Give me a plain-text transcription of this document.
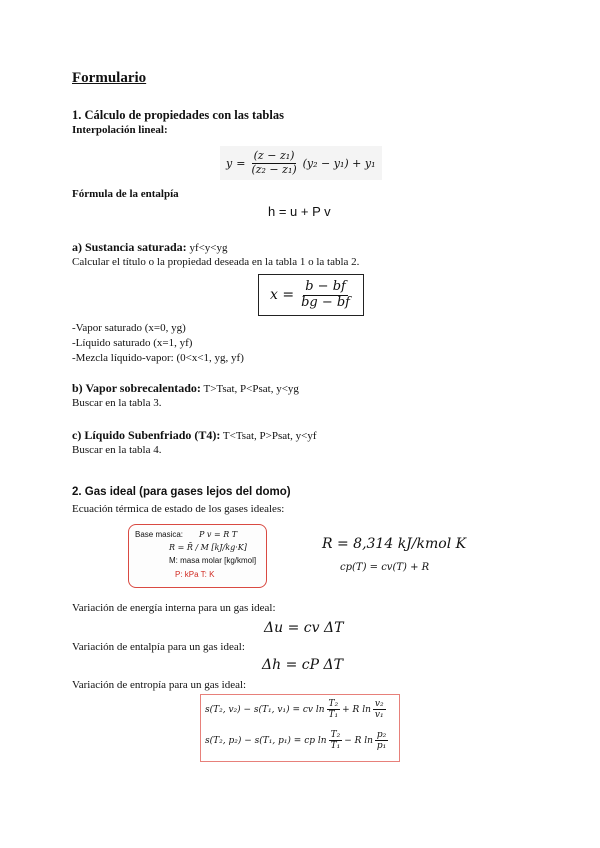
Formulario
1. Cálculo de propiedades con las tablas
Interpolación lineal:
$y = \frac{\text{(z − z₁)}}{\text{(z₂ − z₁)}} (y_2 - y_1) + y_1$
Fórmula de la entalpía
h = u + P v
a) Sustancia saturada: yf<y<yg
Calcular el título o la propiedad deseada en la tabla 1 o la tabla 2.
$x = \frac{b - bf}{bg - bf}$
-Vapor saturado (x=0, yg)
-Líquido saturado (x=1, yf)
-Mezcla líquido-vapor: (0<x<1, yg, yf)
b) Vapor sobrecalentado: T>Tsat, P<Psat, y<yg
Buscar en la tabla 3.
c) Líquido Subenfriado (T4): T<Tsat, P>Psat, y<yf
Buscar en la tabla 4.
2. Gas ideal (para gases lejos del domo)
Ecuación térmica de estado de los gases ideales:
Base masica: P v = R T
R = R̄ / M [kJ/kg·K]
M: masa molar [kg/kmol]
P: kPa T: K
R = 8,314 kJ/kmol K
cp(T) = cv(T) + R
Variación de energía interna para un gas ideal:
Δu = cv ΔT
Variación de entalpía para un gas ideal:
Δh = cP ΔT
Variación de entropía para un gas ideal:
s(T₂, v₂) − s(T₁, v₁) = cv $\ln \frac{\text{T₂}}{\text{T₁}} + R$ $\ln \frac{\text{v₂}}{\text{v₁}}$
s(T₂, p₂) − s(T₁, p₁) = cp $\ln \frac{\text{T₂}}{\text{T₁}} - R$ $\ln \frac{\text{p₂}}{\text{p₁}}$
